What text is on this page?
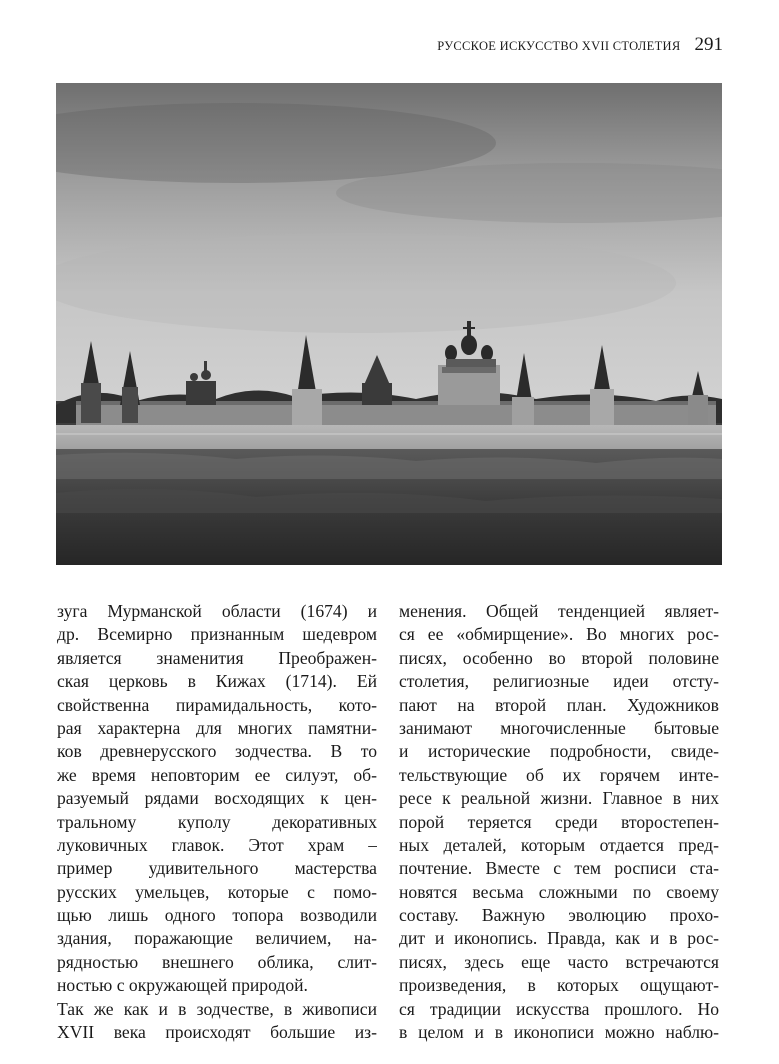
РУССКОЕ ИСКУССТВО XVII СТОЛЕТИЯ 291
зуга Мурманской области (1674) и
др. Всемирно признанным шедевром
является знаменития Преображен-
ская церковь в Кижах (1714). Ей
свойственна пирамидальность, кото-
рая характерна для многих памятни-
ков древнерусского зодчества. В то
же время неповторим ее силуэт, об-
разуемый рядами восходящих к цен-
тральному куполу декоративных
луковичных главок. Этот храм –
пример удивительного мастерства
русских умельцев, которые с помо-
щью лишь одного топора возводили
здания, поражающие величием, на-
рядностью внешнего облика, слит-
ностью с окружающей природой.
Так же как и в зодчестве, в живописи
XVII века происходят большие из-
менения. Общей тенденцией являет-
ся ее «обмирщение». Во многих рос-
писях, особенно во второй половине
столетия, религиозные идеи отсту-
пают на второй план. Художников
занимают многочисленные бытовые
и исторические подробности, свиде-
тельствующие об их горячем инте-
ресе к реальной жизни. Главное в них
порой теряется среди второстепен-
ных деталей, которым отдается пред-
почтение. Вместе с тем росписи ста-
новятся весьма сложными по своему
составу. Важную эволюцию прохо-
дит и иконопись. Правда, как и в рос-
писях, здесь еще часто встречаются
произведения, в которых ощущают-
ся традиции искусства прошлого. Но
в целом и в иконописи можно наблю-
